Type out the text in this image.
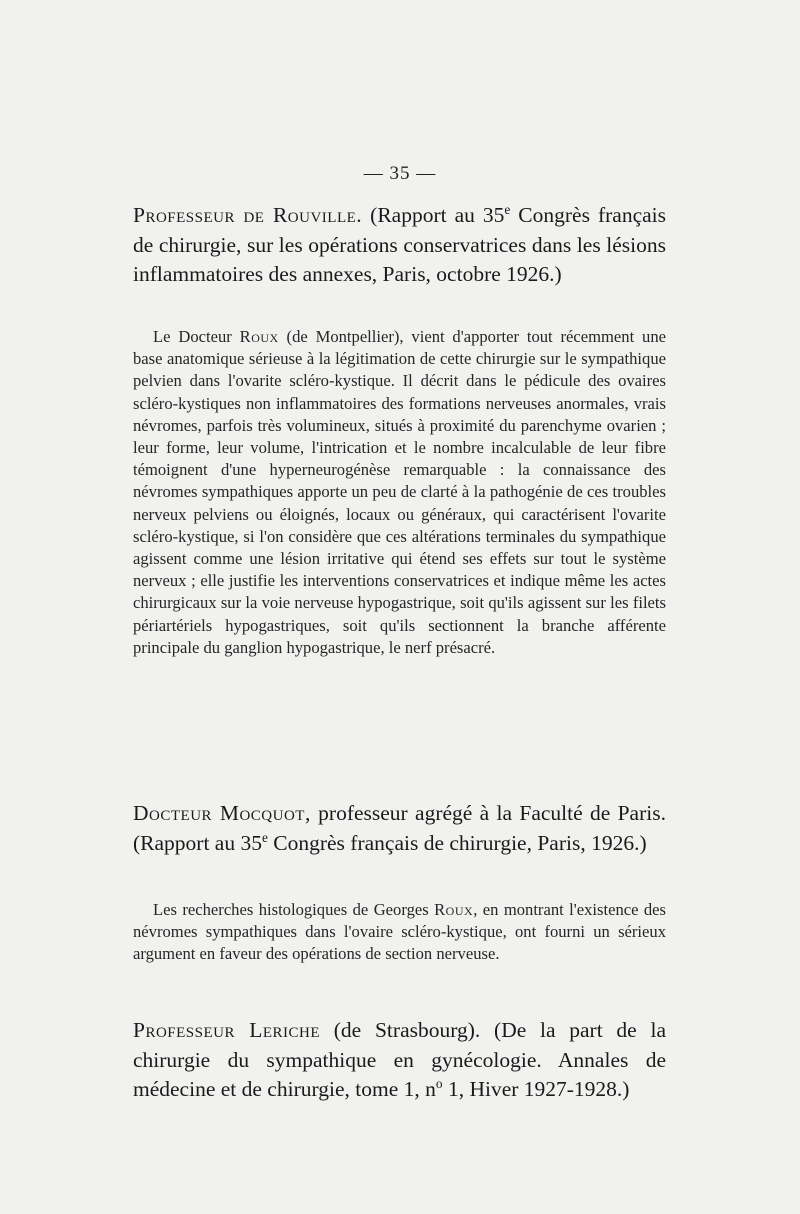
— 35 —
Professeur de Rouville. (Rapport au 35e Congrès français de chirurgie, sur les opérations conservatrices dans les lésions inflammatoires des annexes, Paris, octobre 1926.)
Le Docteur Roux (de Montpellier), vient d'apporter tout récemment une base anatomique sérieuse à la légitimation de cette chirurgie sur le sympathique pelvien dans l'ovarite scléro-kystique. Il décrit dans le pédicule des ovaires scléro-kystiques non inflammatoires des formations nerveuses anormales, vrais névromes, parfois très volumineux, situés à proximité du parenchyme ovarien ; leur forme, leur volume, l'intrication et le nombre incalculable de leur fibre témoignent d'une hyperneurogénèse remarquable : la connaissance des névromes sympathiques apporte un peu de clarté à la pathogénie de ces troubles nerveux pelviens ou éloignés, locaux ou généraux, qui caractérisent l'ovarite scléro-kystique, si l'on considère que ces altérations terminales du sympathique agissent comme une lésion irritative qui étend ses effets sur tout le système nerveux ; elle justifie les interventions conservatrices et indique même les actes chirurgicaux sur la voie nerveuse hypogastrique, soit qu'ils agissent sur les filets périartériels hypogastriques, soit qu'ils sectionnent la branche afférente principale du ganglion hypogastrique, le nerf présacré.
Docteur Mocquot, professeur agrégé à la Faculté de Paris. (Rapport au 35e Congrès français de chirurgie, Paris, 1926.)
Les recherches histologiques de Georges Roux, en montrant l'existence des névromes sympathiques dans l'ovaire scléro-kystique, ont fourni un sérieux argument en faveur des opérations de section nerveuse.
Professeur Leriche (de Strasbourg). (De la part de la chirurgie du sympathique en gynécologie. Annales de médecine et de chirurgie, tome 1, $n^o$ 1, Hiver 1927-1928.)
